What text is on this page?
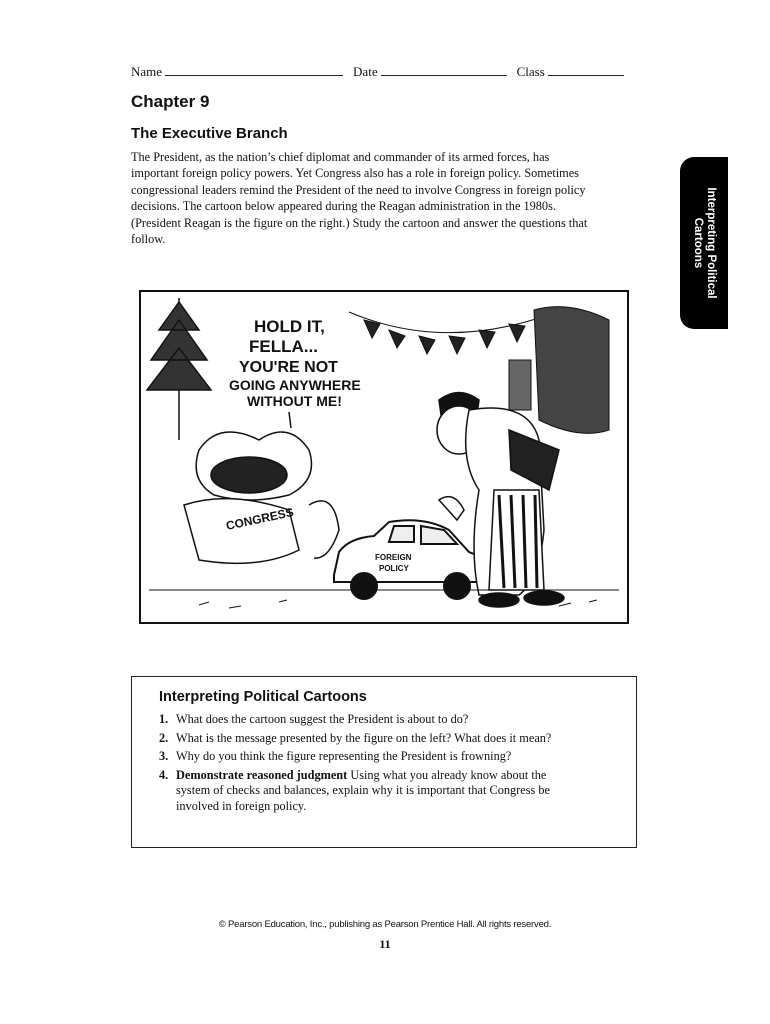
Name	Date	Class
Chapter 9
The Executive Branch
The President, as the nation’s chief diplomat and commander of its armed forces, has important foreign policy powers. Yet Congress also has a role in foreign policy. Sometimes congressional leaders remind the President of the need to involve Congress in foreign policy decisions. The cartoon below appeared during the Reagan administration in the 1980s. (President Reagan is the figure on the right.) Study the cartoon and answer the questions that follow.	Interpreting Political
Cartoons
HOLD IT,
FELLA...
YOU'RE NOT
GOING ANYWHERE
WITHOUT ME!
CONGRESS
FOREIGN
POLICY
Interpreting Political Cartoons
1. What does the cartoon suggest the President is about to do?
2. What is the message presented by the figure on the left? What does it mean?
3. Why do you think the figure representing the President is frowning?
4. Demonstrate reasoned judgment Using what you already know about the system of checks and balances, explain why it is important that Congress be involved in foreign policy.
© Pearson Education, Inc., publishing as Pearson Prentice Hall. All rights reserved.
11
